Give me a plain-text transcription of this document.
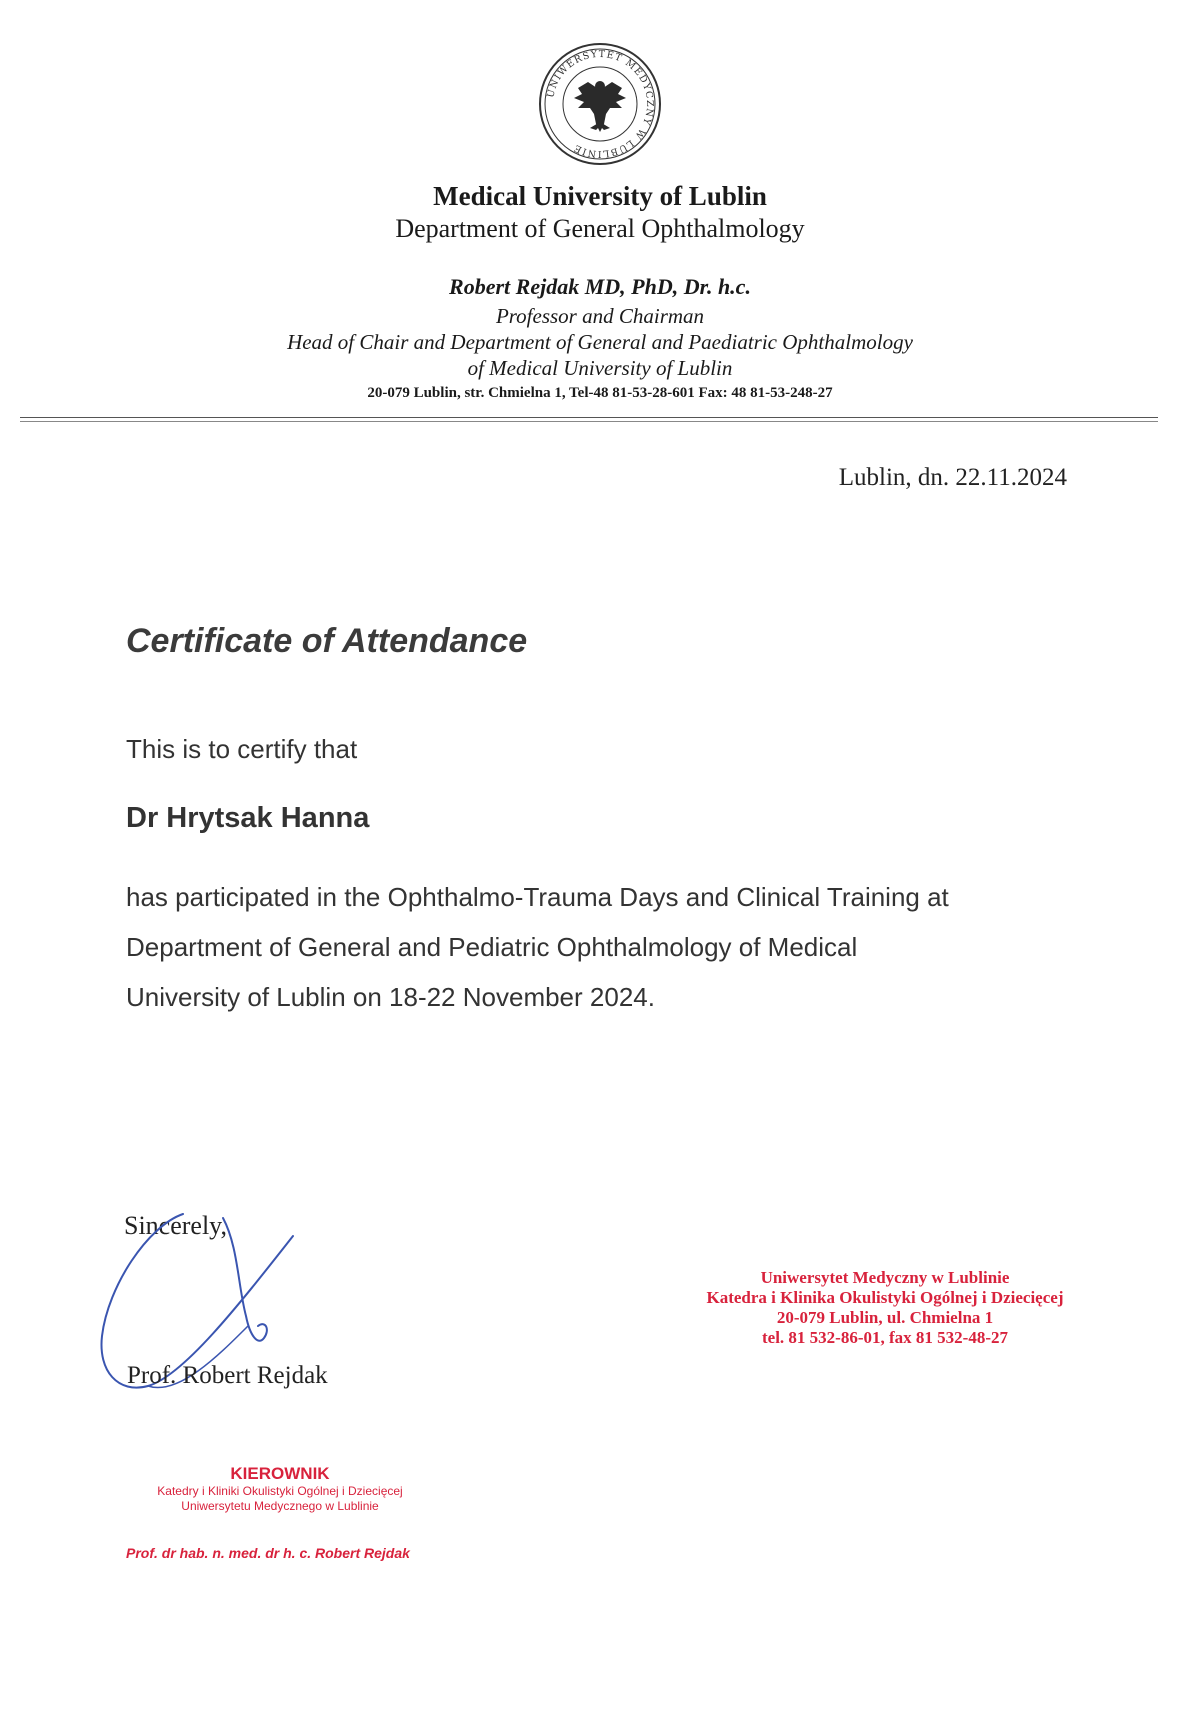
UNIWERSYTET MEDYCZNY W LUBLINIE
Medical University of Lublin
Department of General Ophthalmology
Robert Rejdak MD, PhD, Dr. h.c.
Professor and Chairman
Head of Chair and Department of General and Paediatric Ophthalmology
of Medical University of Lublin
20-079 Lublin, str. Chmielna 1, Tel-48 81-53-28-601 Fax: 48 81-53-248-27
Lublin, dn. 22.11.2024
Certificate of Attendance
This is to certify that
Dr Hrytsak Hanna
has participated in the Ophthalmo-Trauma Days and Clinical Training at
Department of General and Pediatric Ophthalmology of Medical
University of Lublin on 18-22 November 2024.
Sincerely,
Prof. Robert Rejdak
Uniwersytet Medyczny w Lublinie
Katedra i Klinika Okulistyki Ogólnej i Dziecięcej
20-079 Lublin, ul. Chmielna 1
tel. 81 532-86-01, fax 81 532-48-27
KIEROWNIK
Katedry i Kliniki Okulistyki Ogólnej i Dziecięcej
Uniwersytetu Medycznego w Lublinie
Prof. dr hab. n. med. dr h. c. Robert Rejdak
